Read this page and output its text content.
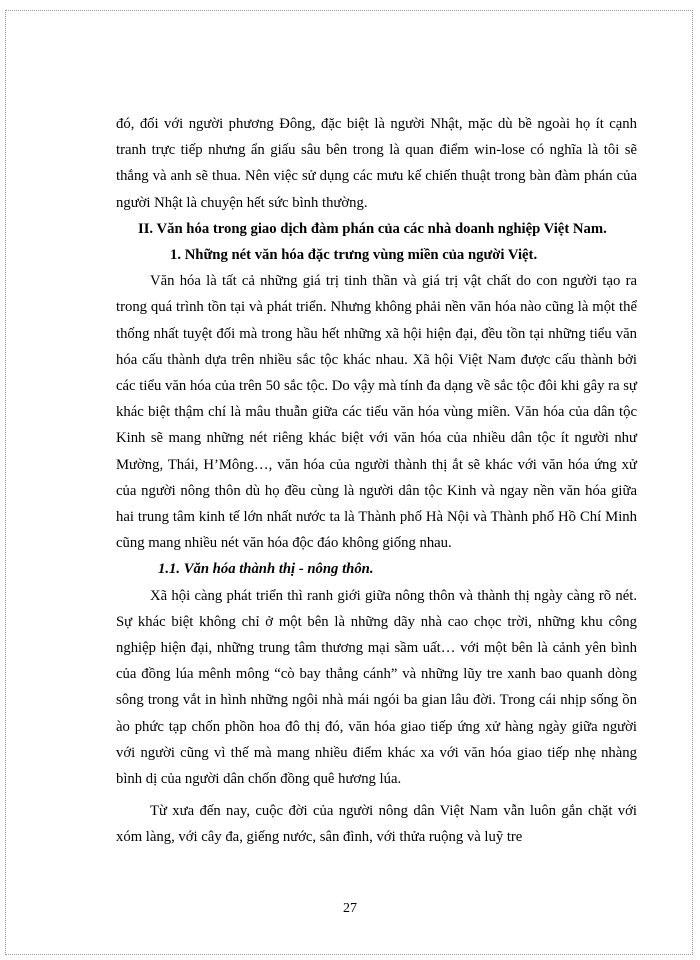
đó, đối với người phương Đông, đặc biệt là người Nhật, mặc dù bề ngoài họ ít cạnh tranh trực tiếp nhưng ẩn giấu sâu bên trong là quan điểm win-lose có nghĩa là tôi sẽ thắng và anh sẽ thua. Nên việc sử dụng các mưu kế chiến thuật trong bàn đàm phán của người Nhật là chuyện hết sức bình thường.

II. Văn hóa trong giao dịch đàm phán của các nhà doanh nghiệp Việt Nam.

1. Những nét văn hóa đặc trưng vùng miền của người Việt.

Văn hóa là tất cả những giá trị tinh thần và giá trị vật chất do con người tạo ra trong quá trình tồn tại và phát triển. Nhưng không phải nền văn hóa nào cũng là một thể thống nhất tuyệt đối mà trong hầu hết những xã hội hiện đại, đều tồn tại những tiểu văn hóa cấu thành dựa trên nhiều sắc tộc khác nhau. Xã hội Việt Nam được cấu thành bởi các tiểu văn hóa của trên 50 sắc tộc. Do vậy mà tính đa dạng về sắc tộc đôi khi gây ra sự khác biệt thậm chí là mâu thuẫn giữa các tiểu văn hóa vùng miền. Văn hóa của dân tộc Kinh sẽ mang những nét riêng khác biệt với văn hóa của nhiều dân tộc ít người như Mường, Thái, H’Mông…, văn hóa của người thành thị ắt sẽ khác với văn hóa ứng xử của người nông thôn dù họ đều cùng là người dân tộc Kinh và ngay nền văn hóa giữa hai trung tâm kinh tế lớn nhất nước ta là Thành phố Hà Nội và Thành phố Hồ Chí Minh cũng mang nhiều nét văn hóa độc đáo không giống nhau.

1.1. Văn hóa thành thị - nông thôn.

Xã hội càng phát triển thì ranh giới giữa nông thôn và thành thị ngày càng rõ nét. Sự khác biệt không chỉ ở một bên là những dãy nhà cao chọc trời, những khu công nghiệp hiện đại, những trung tâm thương mại sầm uất… với một bên là cảnh yên bình của đồng lúa mênh mông “cò bay thẳng cánh” và những lũy tre xanh bao quanh dòng sông trong vắt in hình những ngôi nhà mái ngói ba gian lâu đời. Trong cái nhịp sống ồn ào phức tạp chốn phồn hoa đô thị đó, văn hóa giao tiếp ứng xử hàng ngày giữa người với người cũng vì thế mà mang nhiều điểm khác xa với văn hóa giao tiếp nhẹ nhàng bình dị của người dân chốn đồng quê hương lúa.

Từ xưa đến nay, cuộc đời của người nông dân Việt Nam vẫn luôn gắn chặt với xóm làng, với cây đa, giếng nước, sân đình, với thửa ruộng và luỹ tre

27
